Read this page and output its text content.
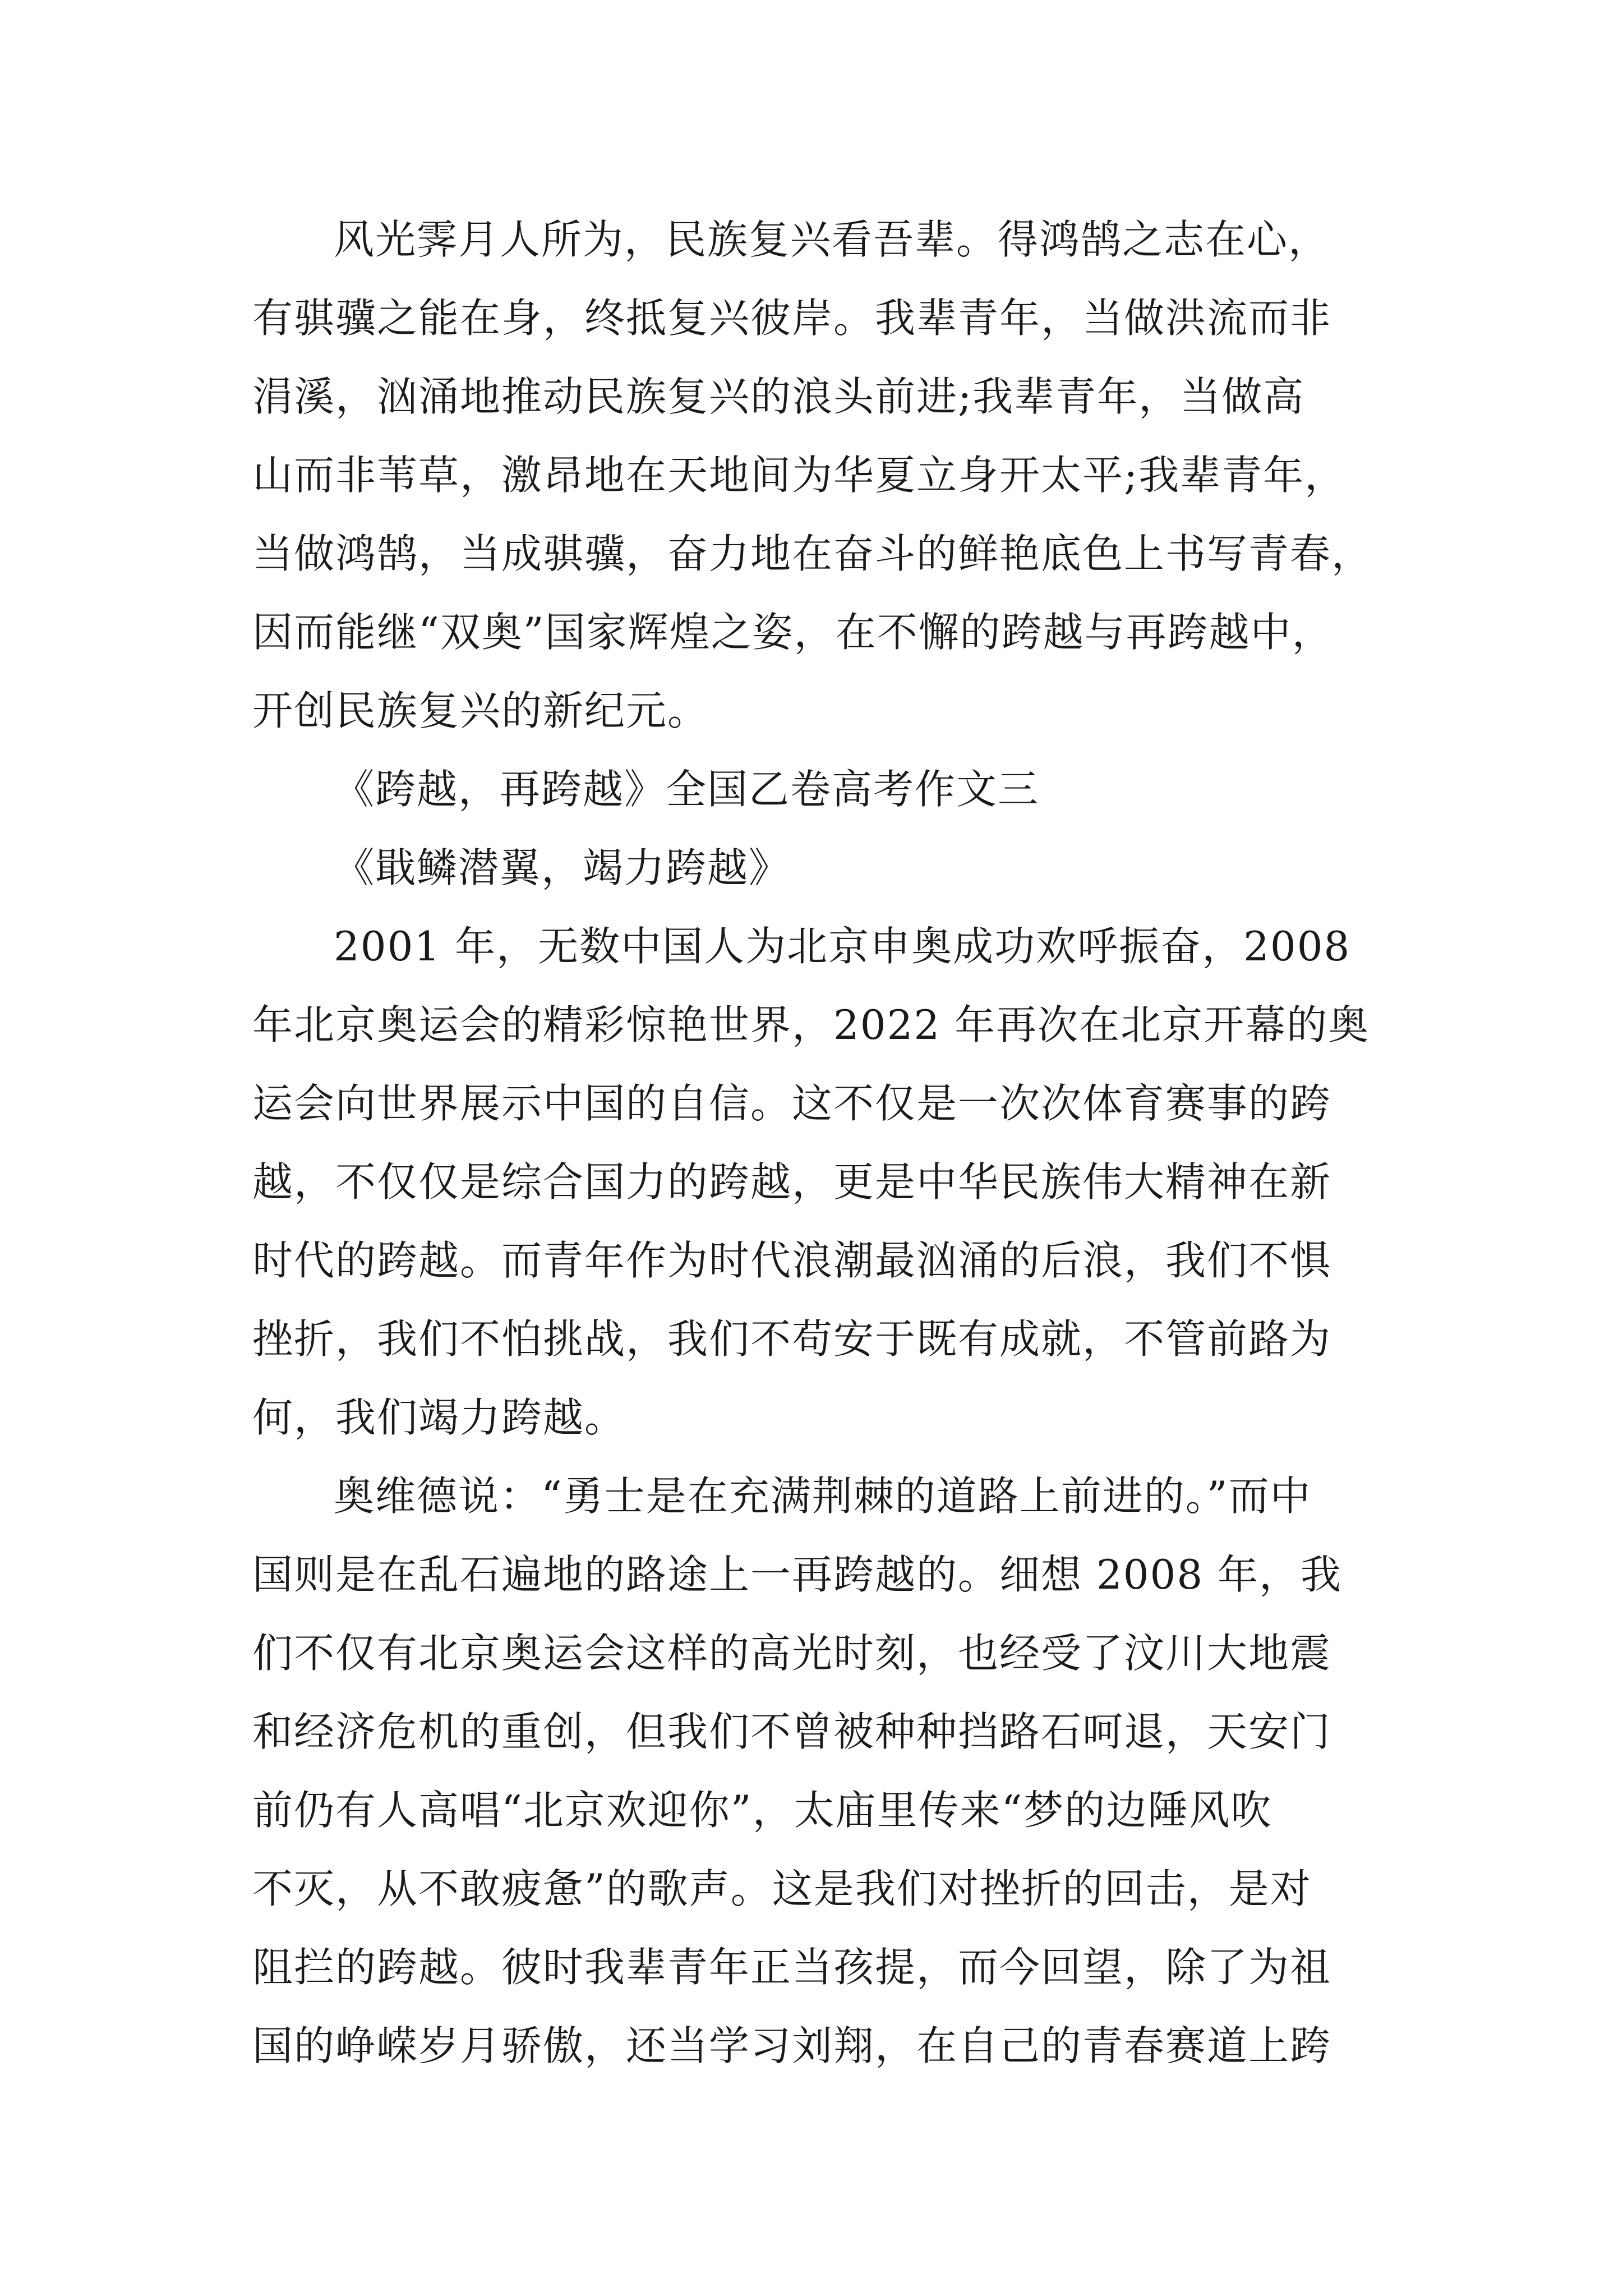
风光霁月人所为，民族复兴看吾辈。得鸿鹄之志在心，
有骐骥之能在身，终抵复兴彼岸。我辈青年，当做洪流而非
涓溪，汹涌地推动民族复兴的浪头前进;我辈青年，当做高
山而非苇草，激昂地在天地间为华夏立身开太平;我辈青年，
当做鸿鹄，当成骐骥，奋力地在奋斗的鲜艳底色上书写青春，
因而能继“双奥”国家辉煌之姿，在不懈的跨越与再跨越中，
开创民族复兴的新纪元。
《跨越，再跨越》全国乙卷高考作文三
《戢鳞潜翼，竭力跨越》
2001 年，无数中国人为北京申奥成功欢呼振奋，2008
年北京奥运会的精彩惊艳世界，2022 年再次在北京开幕的奥
运会向世界展示中国的自信。这不仅是一次次体育赛事的跨
越，不仅仅是综合国力的跨越，更是中华民族伟大精神在新
时代的跨越。而青年作为时代浪潮最汹涌的后浪，我们不惧
挫折，我们不怕挑战，我们不苟安于既有成就，不管前路为
何，我们竭力跨越。
奥维德说：“勇士是在充满荆棘的道路上前进的。”而中
国则是在乱石遍地的路途上一再跨越的。细想 2008 年，我
们不仅有北京奥运会这样的高光时刻，也经受了汶川大地震
和经济危机的重创，但我们不曾被种种挡路石呵退，天安门
前仍有人高唱“北京欢迎你”，太庙里传来“梦的边陲风吹
不灭，从不敢疲惫”的歌声。这是我们对挫折的回击，是对
阻拦的跨越。彼时我辈青年正当孩提，而今回望，除了为祖
国的峥嵘岁月骄傲，还当学习刘翔，在自己的青春赛道上跨
